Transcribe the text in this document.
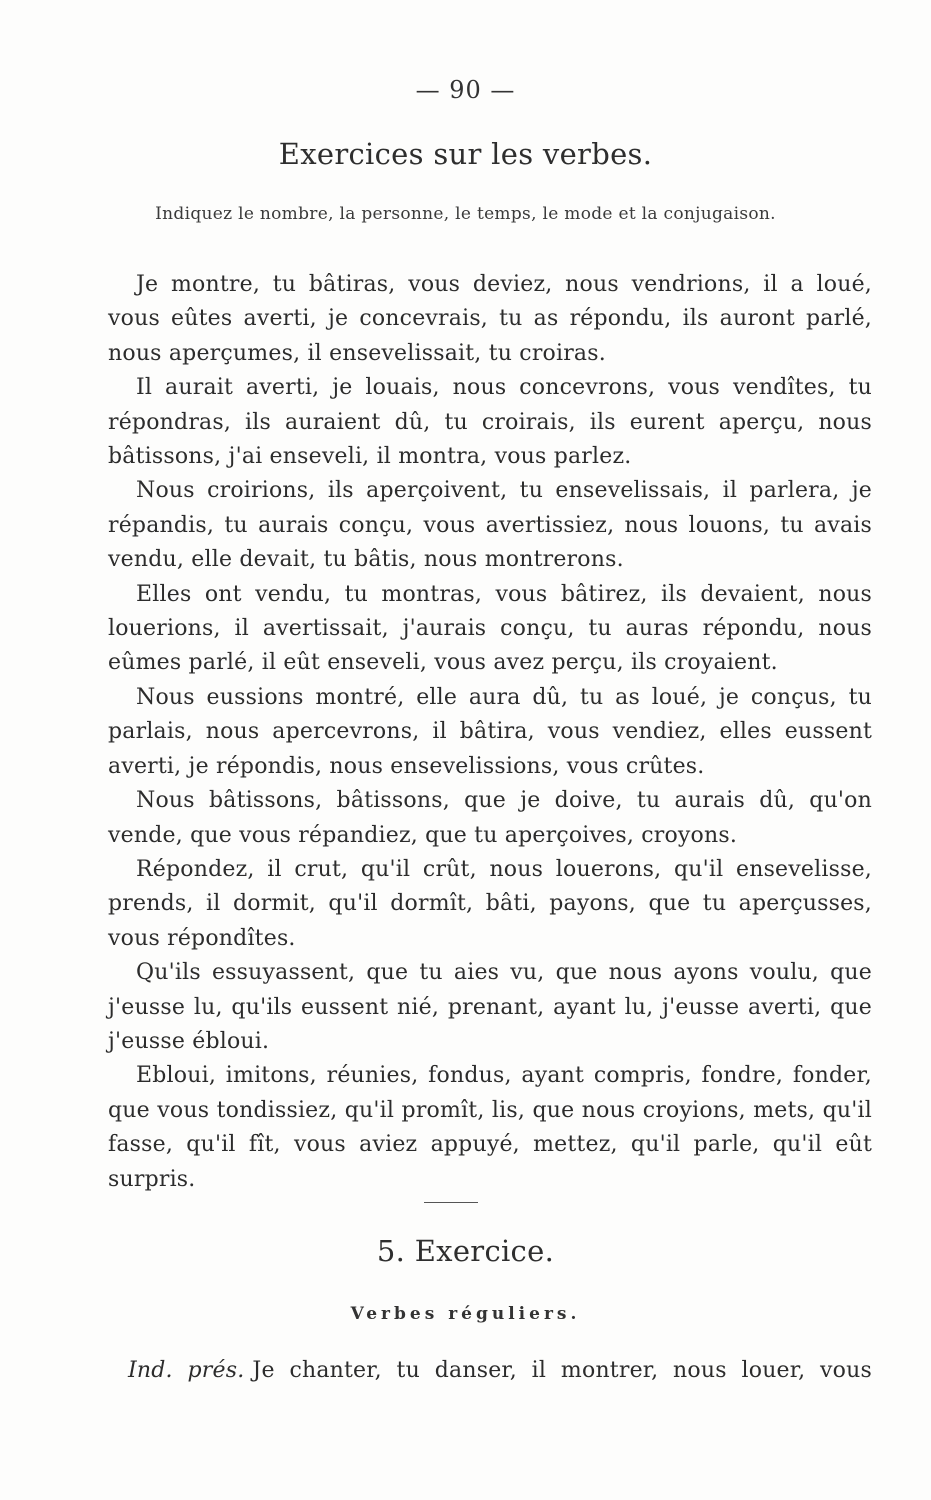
— 90 —
Exercices sur les verbes.
Indiquez le nombre, la personne, le temps, le mode et la conjugaison.

Je montre, tu bâtiras, vous deviez, nous vendrions, il a loué, vous eûtes averti, je concevrais, tu as répondu, ils auront parlé, nous aperçumes, il ensevelissait, tu croiras.

Il aurait averti, je louais, nous concevrons, vous vendîtes, tu répondras, ils auraient dû, tu croirais, ils eurent aperçu, nous bâtissons, j'ai enseveli, il montra, vous parlez.

Nous croirions, ils aperçoivent, tu ensevelissais, il parlera, je répandis, tu aurais conçu, vous avertissiez, nous louons, tu avais vendu, elle devait, tu bâtis, nous montrerons.

Elles ont vendu, tu montras, vous bâtirez, ils devaient, nous louerions, il avertissait, j'aurais conçu, tu auras répondu, nous eûmes parlé, il eût enseveli, vous avez perçu, ils croyaient.

Nous eussions montré, elle aura dû, tu as loué, je conçus, tu parlais, nous apercevrons, il bâtira, vous vendiez, elles eussent averti, je répondis, nous ensevelissions, vous crûtes.

Nous bâtissons, bâtissons, que je doive, tu aurais dû, qu'on vende, que vous répandiez, que tu aperçoives, croyons.

Répondez, il crut, qu'il crût, nous louerons, qu'il ensevelisse, prends, il dormit, qu'il dormît, bâti, payons, que tu aperçusses, vous répondîtes.

Qu'ils essuyassent, que tu aies vu, que nous ayons voulu, que j'eusse lu, qu'ils eussent nié, prenant, ayant lu, j'eusse averti, que j'eusse ébloui.

Ebloui, imitons, réunies, fondus, ayant compris, fondre, fonder, que vous tondissiez, qu'il promît, lis, que nous croyions, mets, qu'il fasse, qu'il fît, vous aviez appuyé, mettez, qu'il parle, qu'il eût surpris.

5. Exercice.
Verbes réguliers.
Ind. prés. Je chanter, tu danser, il montrer, nous louer, vous
